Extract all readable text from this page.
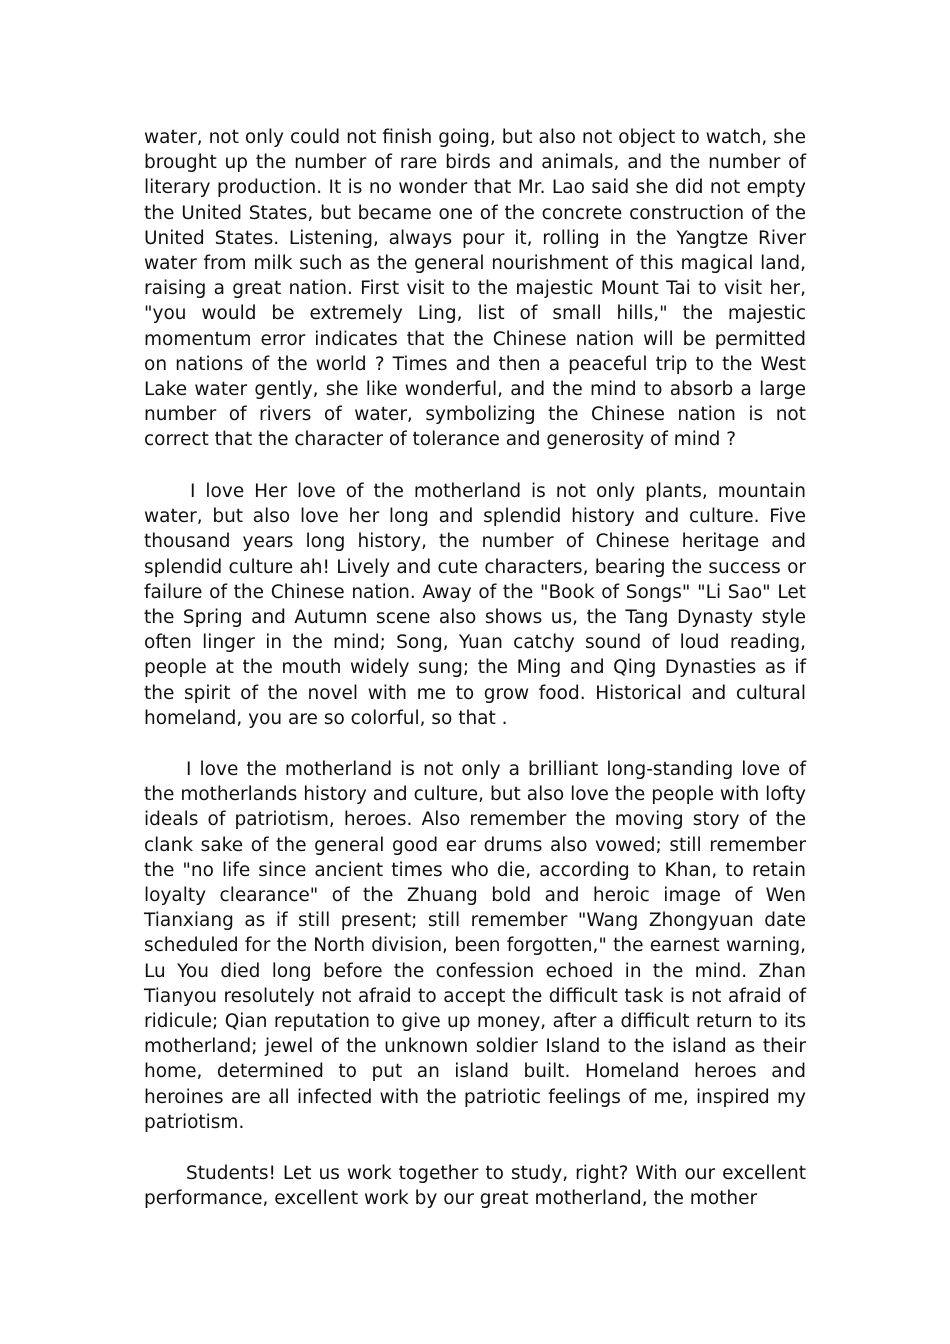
water, not only could not finish going, but also not object to watch, she brought up the number of rare birds and animals, and the number of literary production. It is no wonder that Mr. Lao said she did not empty the United States, but became one of the concrete construction of the United States. Listening, always pour it, rolling in the Yangtze River water from milk such as the general nourishment of this magical land, raising a great nation. First visit to the majestic Mount Tai to visit her, "you would be extremely Ling, list of small hills," the majestic momentum error indicates that the Chinese nation will be permitted on nations of the world ? Times and then a peaceful trip to the West Lake water gently, she like wonderful, and the mind to absorb a large number of rivers of water, symbolizing the Chinese nation is not correct that the character of tolerance and generosity of mind ?

I love Her love of the motherland is not only plants, mountain water, but also love her long and splendid history and culture. Five thousand years long history, the number of Chinese heritage and splendid culture ah! Lively and cute characters, bearing the success or failure of the Chinese nation. Away of the "Book of Songs" "Li Sao" Let the Spring and Autumn scene also shows us, the Tang Dynasty style often linger in the mind; Song, Yuan catchy sound of loud reading, people at the mouth widely sung; the Ming and Qing Dynasties as if the spirit of the novel with me to grow food. Historical and cultural homeland, you are so colorful, so that .

I love the motherland is not only a brilliant long-standing love of the motherlands history and culture, but also love the people with lofty ideals of patriotism, heroes. Also remember the moving story of the clank sake of the general good ear drums also vowed; still remember the "no life since ancient times who die, according to Khan, to retain loyalty clearance" of the Zhuang bold and heroic image of Wen Tianxiang as if still present; still remember "Wang Zhongyuan date scheduled for the North division, been forgotten," the earnest warning, Lu You died long before the confession echoed in the mind. Zhan Tianyou resolutely not afraid to accept the difficult task is not afraid of ridicule; Qian reputation to give up money, after a difficult return to its motherland; jewel of the unknown soldier Island to the island as their home, determined to put an island built. Homeland heroes and heroines are all infected with the patriotic feelings of me, inspired my patriotism.

Students! Let us work together to study, right? With our excellent performance, excellent work by our great motherland, the mother
